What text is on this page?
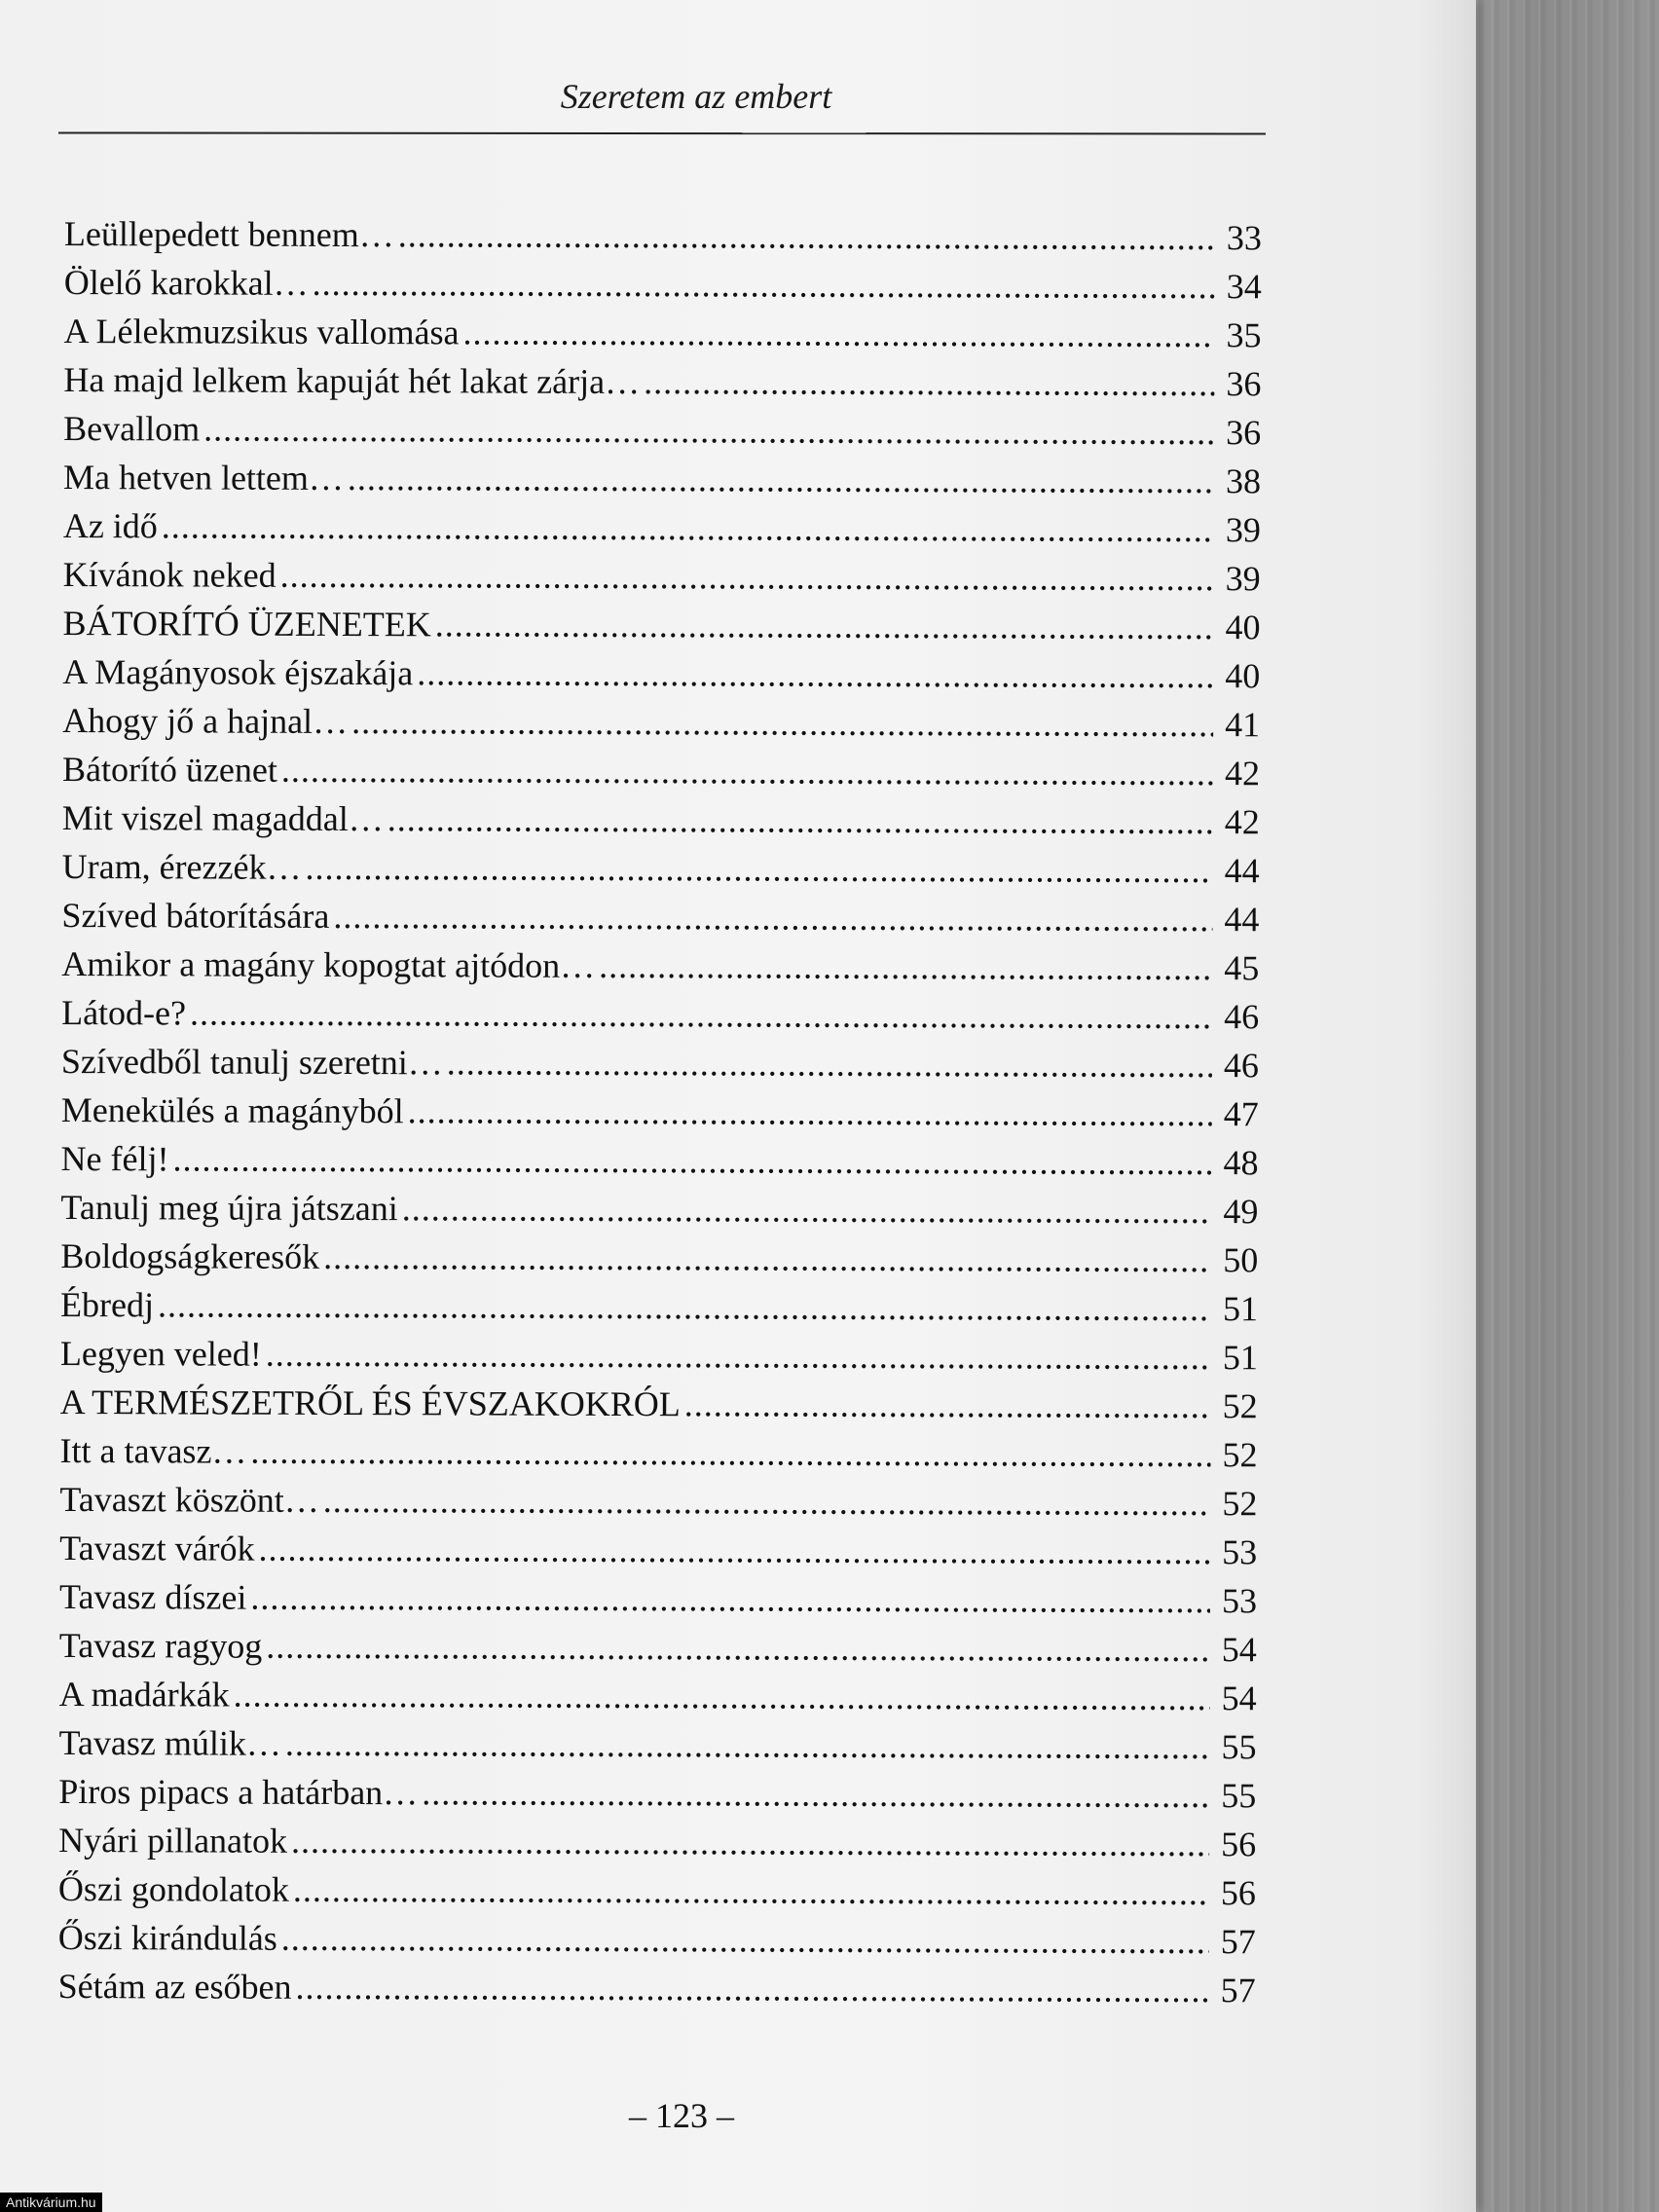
Szeretem az embert
Leüllepedett bennem… .....	33
Ölelő karokkal… .....	34
A Lélekmuzsikus vallomása .....	35
Ha majd lelkem kapuját hét lakat zárja… .....	36
Bevallom .....	36
Ma hetven lettem… .....	38
Az idő .....	39
Kívánok neked .....	39
BÁTORÍTÓ ÜZENETEK .....	40
A Magányosok éjszakája .....	40
Ahogy jő a hajnal… .....	41
Bátorító üzenet .....	42
Mit viszel magaddal… .....	42
Uram, érezzék… .....	44
Szíved bátorítására .....	44
Amikor a magány kopogtat ajtódon… .....	45
Látod-e? .....	46
Szívedből tanulj szeretni… .....	46
Menekülés a magányból .....	47
Ne félj! .....	48
Tanulj meg újra játszani .....	49
Boldogságkeresők .....	50
Ébredj .....	51
Legyen veled! .....	51
A TERMÉSZETRŐL ÉS ÉVSZAKOKRÓL .....	52
Itt a tavasz… .....	52
Tavaszt köszönt… .....	52
Tavaszt várók .....	53
Tavasz díszei .....	53
Tavasz ragyog .....	54
A madárkák .....	54
Tavasz múlik… .....	55
Piros pipacs a határban… .....	55
Nyári pillanatok .....	56
Őszi gondolatok .....	56
Őszi kirándulás .....	57
Sétám az esőben .....	57
– 123 –
Antikvárium.hu
